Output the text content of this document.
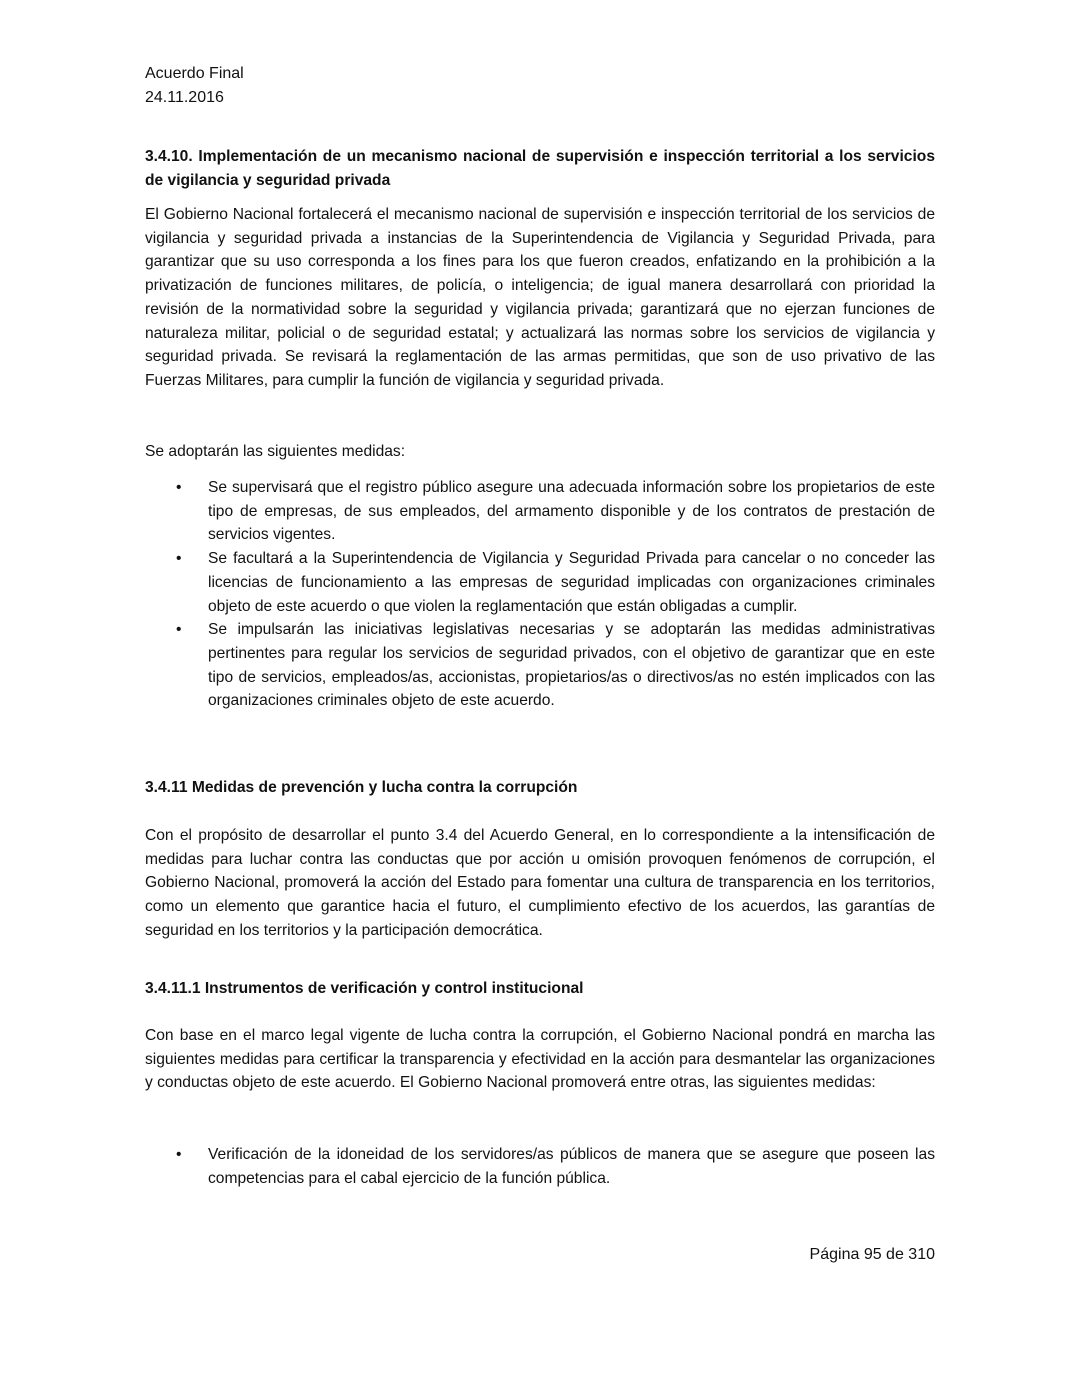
Acuerdo Final
24.11.2016
3.4.10. Implementación de un mecanismo nacional de supervisión e inspección territorial a los servicios de vigilancia y seguridad privada

El Gobierno Nacional fortalecerá el mecanismo nacional de supervisión e inspección territorial de los servicios de vigilancia y seguridad privada a instancias de la Superintendencia de Vigilancia y Seguridad Privada, para garantizar que su uso corresponda a los fines para los que fueron creados, enfatizando en la prohibición a la privatización de funciones militares, de policía, o inteligencia; de igual manera desarrollará con prioridad la revisión de la normatividad sobre la seguridad y vigilancia privada; garantizará que no ejerzan funciones de naturaleza militar, policial o de seguridad estatal; y actualizará las normas sobre los servicios de vigilancia y seguridad privada. Se revisará la reglamentación de las armas permitidas, que son de uso privativo de las Fuerzas Militares, para cumplir la función de vigilancia y seguridad privada.

Se adoptarán las siguientes medidas:

• Se supervisará que el registro público asegure una adecuada información sobre los propietarios de este tipo de empresas, de sus empleados, del armamento disponible y de los contratos de prestación de servicios vigentes.
• Se facultará a la Superintendencia de Vigilancia y Seguridad Privada para cancelar o no conceder las licencias de funcionamiento a las empresas de seguridad implicadas con organizaciones criminales objeto de este acuerdo o que violen la reglamentación que están obligadas a cumplir.
• Se impulsarán las iniciativas legislativas necesarias y se adoptarán las medidas administrativas pertinentes para regular los servicios de seguridad privados, con el objetivo de garantizar que en este tipo de servicios, empleados/as, accionistas, propietarios/as o directivos/as no estén implicados con las organizaciones criminales objeto de este acuerdo.
3.4.11 Medidas de prevención y lucha contra la corrupción

Con el propósito de desarrollar el punto 3.4 del Acuerdo General, en lo correspondiente a la intensificación de medidas para luchar contra las conductas que por acción u omisión provoquen fenómenos de corrupción, el Gobierno Nacional, promoverá la acción del Estado para fomentar una cultura de transparencia en los territorios, como un elemento que garantice hacia el futuro, el cumplimiento efectivo de los acuerdos, las garantías de seguridad en los territorios y la participación democrática.

3.4.11.1 Instrumentos de verificación y control institucional

Con base en el marco legal vigente de lucha contra la corrupción, el Gobierno Nacional pondrá en marcha las siguientes medidas para certificar la transparencia y efectividad en la acción para desmantelar las organizaciones y conductas objeto de este acuerdo. El Gobierno Nacional promoverá entre otras, las siguientes medidas:

• Verificación de la idoneidad de los servidores/as públicos de manera que se asegure que poseen las competencias para el cabal ejercicio de la función pública.
Página 95 de 310
